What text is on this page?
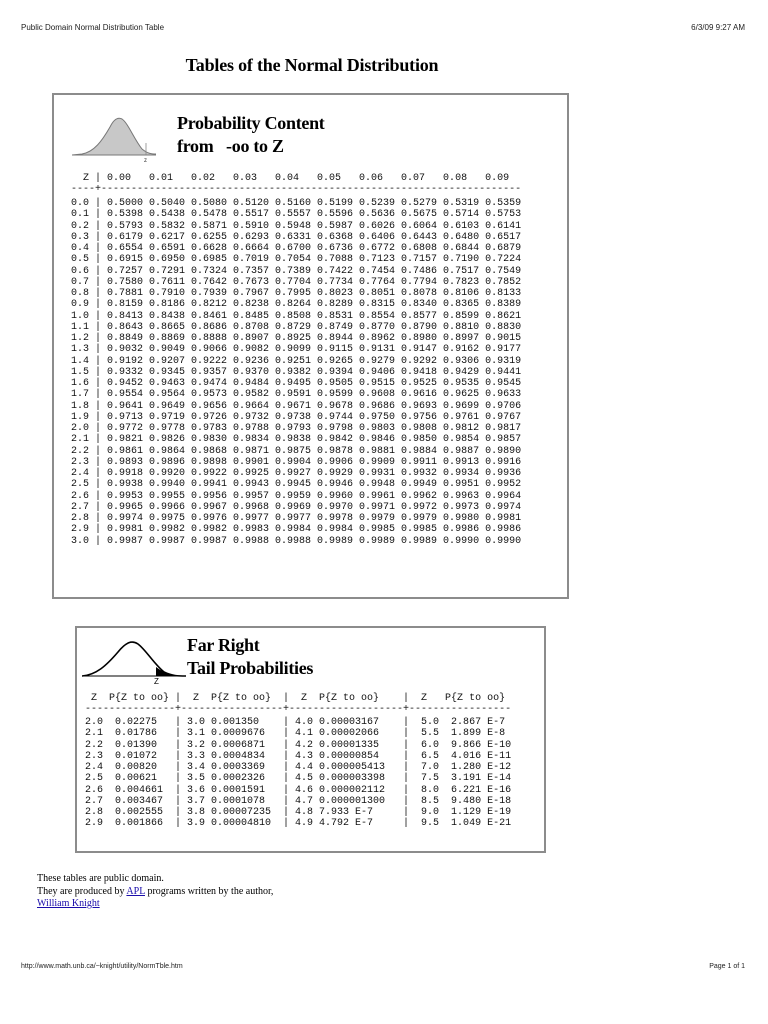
Public Domain Normal Distribution Table	6/3/09 9:27 AM
Tables of the Normal Distribution
z
Probability Content
from   -oo to Z
Z | 0.00   0.01   0.02   0.03   0.04   0.05   0.06   0.07   0.08   0.09
----+----------------------------------------------------------------------
0.0 | 0.5000 0.5040 0.5080 0.5120 0.5160 0.5199 0.5239 0.5279 0.5319 0.5359
0.1 | 0.5398 0.5438 0.5478 0.5517 0.5557 0.5596 0.5636 0.5675 0.5714 0.5753
0.2 | 0.5793 0.5832 0.5871 0.5910 0.5948 0.5987 0.6026 0.6064 0.6103 0.6141
0.3 | 0.6179 0.6217 0.6255 0.6293 0.6331 0.6368 0.6406 0.6443 0.6480 0.6517
0.4 | 0.6554 0.6591 0.6628 0.6664 0.6700 0.6736 0.6772 0.6808 0.6844 0.6879
0.5 | 0.6915 0.6950 0.6985 0.7019 0.7054 0.7088 0.7123 0.7157 0.7190 0.7224
0.6 | 0.7257 0.7291 0.7324 0.7357 0.7389 0.7422 0.7454 0.7486 0.7517 0.7549
0.7 | 0.7580 0.7611 0.7642 0.7673 0.7704 0.7734 0.7764 0.7794 0.7823 0.7852
0.8 | 0.7881 0.7910 0.7939 0.7967 0.7995 0.8023 0.8051 0.8078 0.8106 0.8133
0.9 | 0.8159 0.8186 0.8212 0.8238 0.8264 0.8289 0.8315 0.8340 0.8365 0.8389
1.0 | 0.8413 0.8438 0.8461 0.8485 0.8508 0.8531 0.8554 0.8577 0.8599 0.8621
1.1 | 0.8643 0.8665 0.8686 0.8708 0.8729 0.8749 0.8770 0.8790 0.8810 0.8830
1.2 | 0.8849 0.8869 0.8888 0.8907 0.8925 0.8944 0.8962 0.8980 0.8997 0.9015
1.3 | 0.9032 0.9049 0.9066 0.9082 0.9099 0.9115 0.9131 0.9147 0.9162 0.9177
1.4 | 0.9192 0.9207 0.9222 0.9236 0.9251 0.9265 0.9279 0.9292 0.9306 0.9319
1.5 | 0.9332 0.9345 0.9357 0.9370 0.9382 0.9394 0.9406 0.9418 0.9429 0.9441
1.6 | 0.9452 0.9463 0.9474 0.9484 0.9495 0.9505 0.9515 0.9525 0.9535 0.9545
1.7 | 0.9554 0.9564 0.9573 0.9582 0.9591 0.9599 0.9608 0.9616 0.9625 0.9633
1.8 | 0.9641 0.9649 0.9656 0.9664 0.9671 0.9678 0.9686 0.9693 0.9699 0.9706
1.9 | 0.9713 0.9719 0.9726 0.9732 0.9738 0.9744 0.9750 0.9756 0.9761 0.9767
2.0 | 0.9772 0.9778 0.9783 0.9788 0.9793 0.9798 0.9803 0.9808 0.9812 0.9817
2.1 | 0.9821 0.9826 0.9830 0.9834 0.9838 0.9842 0.9846 0.9850 0.9854 0.9857
2.2 | 0.9861 0.9864 0.9868 0.9871 0.9875 0.9878 0.9881 0.9884 0.9887 0.9890
2.3 | 0.9893 0.9896 0.9898 0.9901 0.9904 0.9906 0.9909 0.9911 0.9913 0.9916
2.4 | 0.9918 0.9920 0.9922 0.9925 0.9927 0.9929 0.9931 0.9932 0.9934 0.9936
2.5 | 0.9938 0.9940 0.9941 0.9943 0.9945 0.9946 0.9948 0.9949 0.9951 0.9952
2.6 | 0.9953 0.9955 0.9956 0.9957 0.9959 0.9960 0.9961 0.9962 0.9963 0.9964
2.7 | 0.9965 0.9966 0.9967 0.9968 0.9969 0.9970 0.9971 0.9972 0.9973 0.9974
2.8 | 0.9974 0.9975 0.9976 0.9977 0.9977 0.9978 0.9979 0.9979 0.9980 0.9981
2.9 | 0.9981 0.9982 0.9982 0.9983 0.9984 0.9984 0.9985 0.9985 0.9986 0.9986
3.0 | 0.9987 0.9987 0.9987 0.9988 0.9988 0.9989 0.9989 0.9989 0.9990 0.9990
Z
Far Right
Tail Probabilities
Z  P{Z to oo} |  Z  P{Z to oo}  |  Z  P{Z to oo}    |  Z   P{Z to oo}
---------------+-----------------+-------------------+-----------------
2.0  0.02275   | 3.0 0.001350    | 4.0 0.00003167    |  5.0  2.867 E-7
2.1  0.01786   | 3.1 0.0009676   | 4.1 0.00002066    |  5.5  1.899 E-8
2.2  0.01390   | 3.2 0.0006871   | 4.2 0.00001335    |  6.0  9.866 E-10
2.3  0.01072   | 3.3 0.0004834   | 4.3 0.00000854    |  6.5  4.016 E-11
2.4  0.00820   | 3.4 0.0003369   | 4.4 0.000005413   |  7.0  1.280 E-12
2.5  0.00621   | 3.5 0.0002326   | 4.5 0.000003398   |  7.5  3.191 E-14
2.6  0.004661  | 3.6 0.0001591   | 4.6 0.000002112   |  8.0  6.221 E-16
2.7  0.003467  | 3.7 0.0001078   | 4.7 0.000001300   |  8.5  9.480 E-18
2.8  0.002555  | 3.8 0.00007235  | 4.8 7.933 E-7     |  9.0  1.129 E-19
2.9  0.001866  | 3.9 0.00004810  | 4.9 4.792 E-7     |  9.5  1.049 E-21
These tables are public domain.
They are produced by APL programs written by the author,
William Knight
http://www.math.unb.ca/~knight/utility/NormTble.htm	Page 1 of 1
